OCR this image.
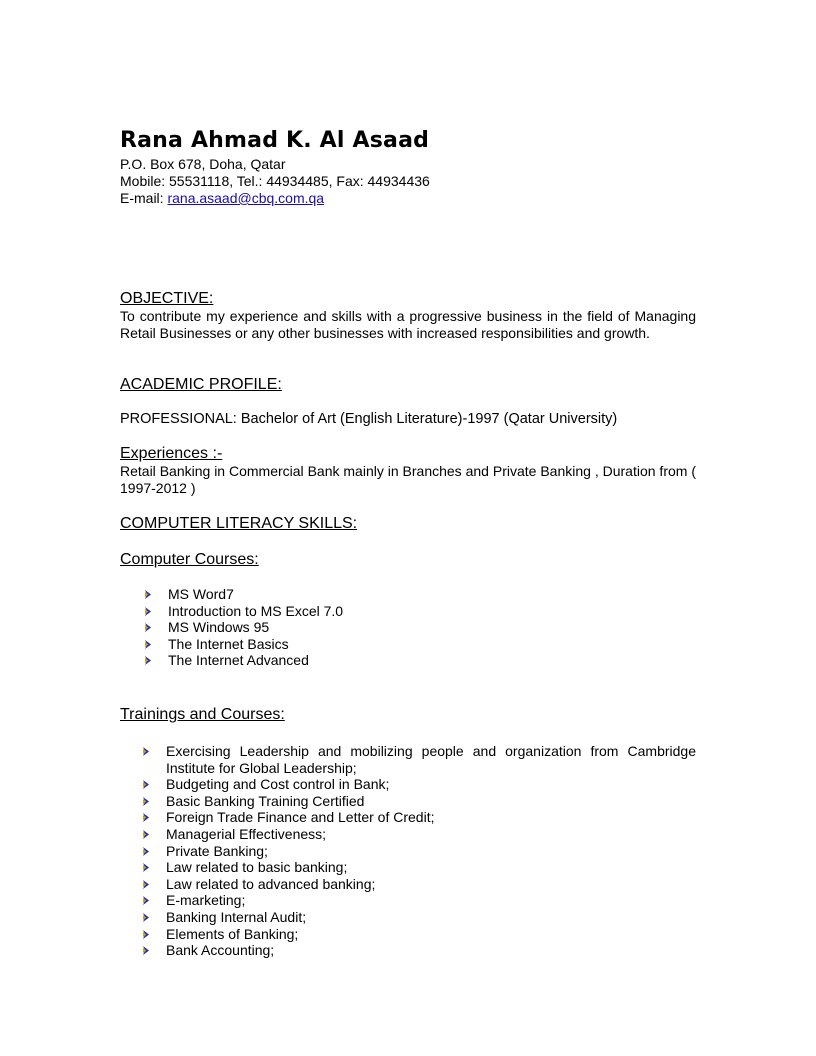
Rana Ahmad K. Al Asaad
P.O. Box 678, Doha, Qatar
Mobile: 55531118, Tel.: 44934485, Fax: 44934436
E-mail: rana.asaad@cbq.com.qa
OBJECTIVE:
To contribute my experience and skills with a progressive business in the field of Managing Retail Businesses or any other businesses with increased responsibilities and growth.
ACADEMIC PROFILE:
PROFESSIONAL: Bachelor of Art (English Literature)-1997 (Qatar University)
Experiences :-
Retail Banking in Commercial Bank mainly in Branches and Private Banking , Duration from ( 1997-2012 )
COMPUTER LITERACY SKILLS:
Computer Courses:
MS Word7
Introduction to MS Excel 7.0
MS Windows 95
The Internet Basics
The Internet Advanced
Trainings and Courses:
Exercising Leadership and mobilizing people and organization from Cambridge Institute for Global Leadership;
Budgeting and Cost control in Bank;
Basic Banking Training Certified
Foreign Trade Finance and Letter of Credit;
Managerial Effectiveness;
Private Banking;
Law related to basic banking;
Law related to advanced banking;
E-marketing;
Banking Internal Audit;
Elements of Banking;
Bank Accounting;
